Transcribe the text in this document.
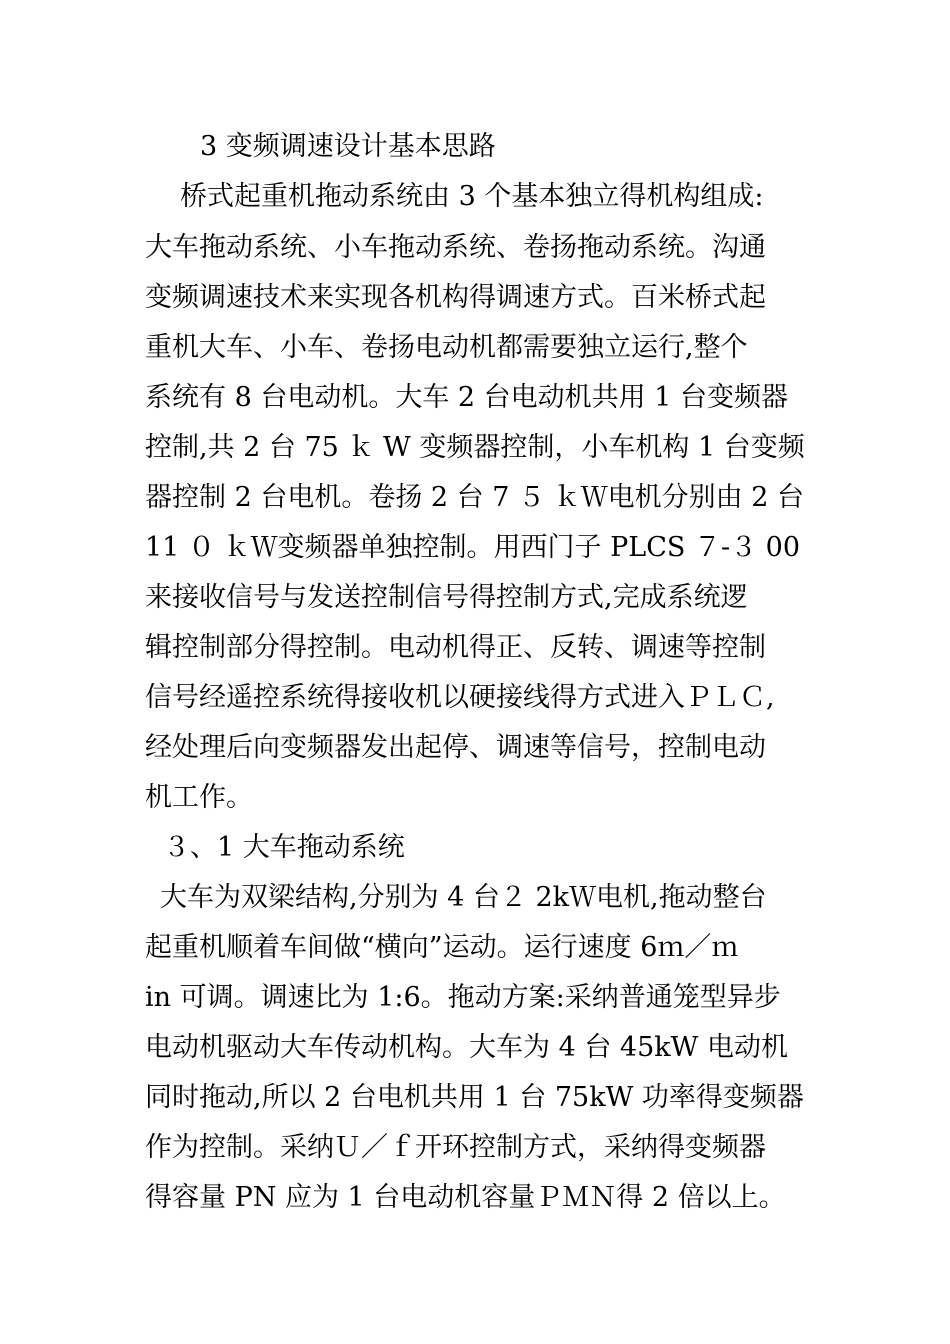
3 变频调速设计基本思路
桥式起重机拖动系统由 3 个基本独立得机构组成:
大车拖动系统、小车拖动系统、卷扬拖动系统。沟通
变频调速技术来实现各机构得调速方式。百米桥式起
重机大车、小车、卷扬电动机都需要独立运行,整个
系统有 8 台电动机。大车 2 台电动机共用 1 台变频器
控制,共 2 台 75 ｋ W 变频器控制，小车机构 1 台变频
器控制 2 台电机。卷扬 2 台 7 ５ ｋＷ电机分别由 2 台
11 ０ ｋＷ变频器单独控制。用西门子 PLCS ７-３ 00
来接收信号与发送控制信号得控制方式,完成系统逻
辑控制部分得控制。电动机得正、反转、调速等控制
信号经遥控系统得接收机以硬接线得方式进入ＰＬＣ,
经处理后向变频器发出起停、调速等信号，控制电动
机工作。
３、1 大车拖动系统
大车为双梁结构,分别为 4 台２ 2kＷ电机,拖动整台
起重机顺着车间做“横向”运动。运行速度 6ｍ／ｍ
in 可调。调速比为 1:6。拖动方案:采纳普通笼型异步
电动机驱动大车传动机构。大车为 4 台 45kW 电动机
同时拖动,所以 2 台电机共用 1 台 75kW 功率得变频器
作为控制。采纳Ｕ／ｆ开环控制方式，采纳得变频器
得容量 PN 应为 1 台电动机容量ＰＭＮ得 2 倍以上。
